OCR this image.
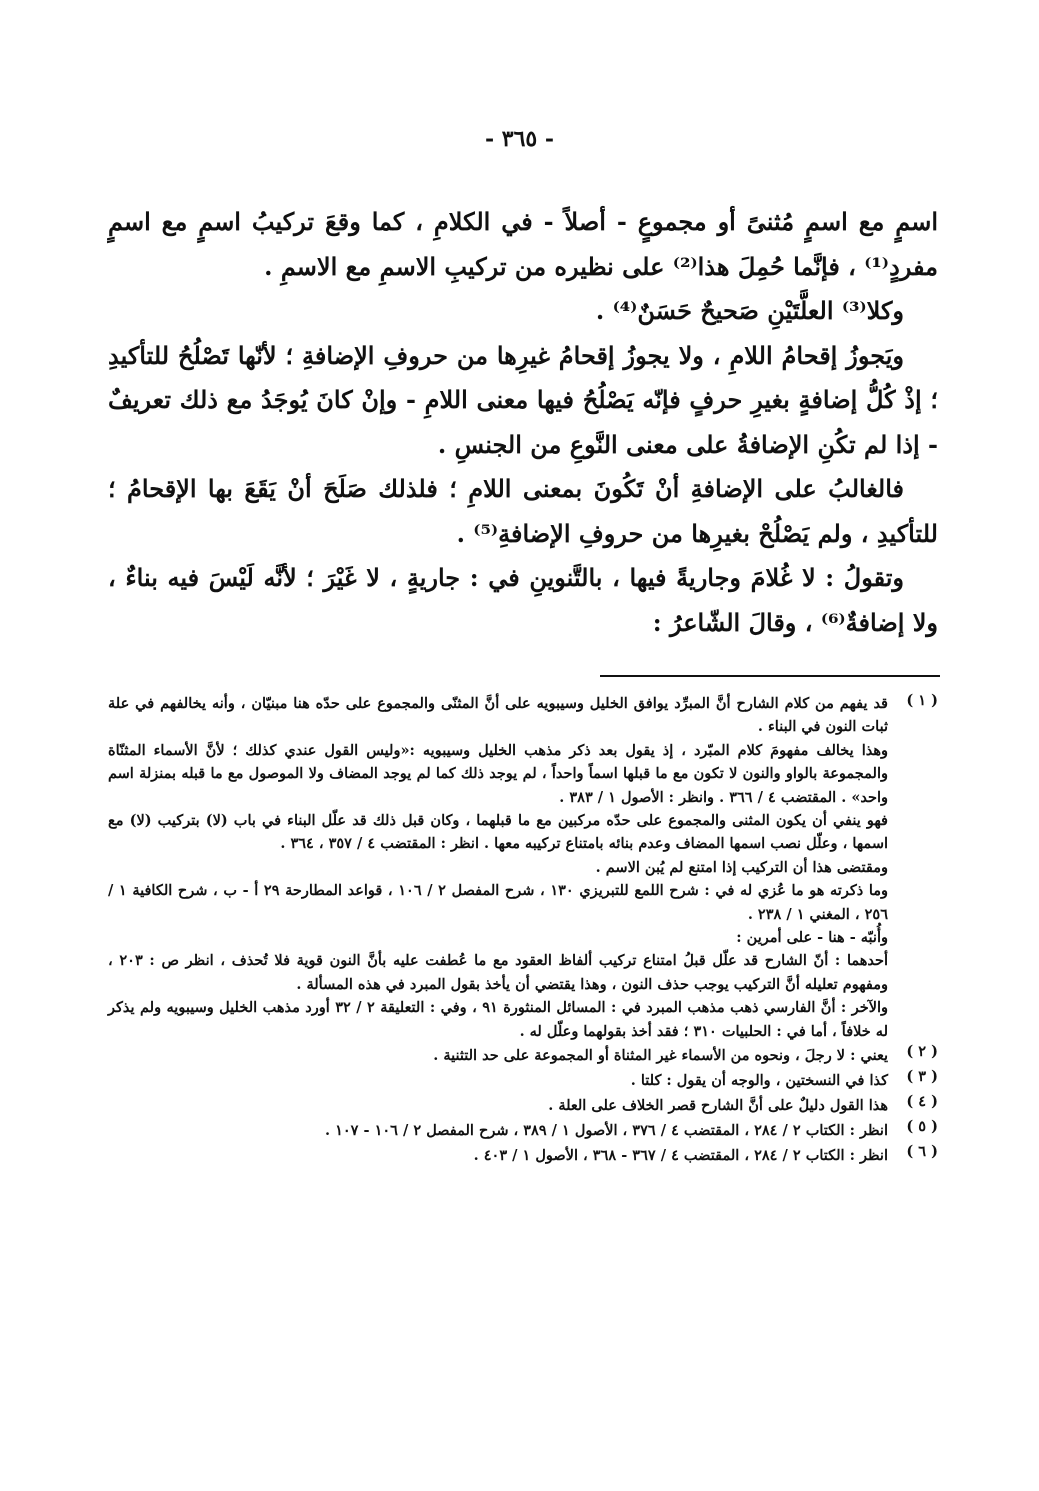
- ٣٦٥ -

اسمٍ مع اسمٍ مُثنىً أو مجموعٍ - أصلاً - في الكلامِ ، كما وقعَ تركيبُ اسمٍ مع اسمٍ مفردٍ⁽¹⁾ ، فإنَّما حُمِلَ هذا⁽²⁾ على نظيره من تركيبِ الاسمِ مع الاسمِ .

وكلا⁽³⁾ العلَّتَيْنِ صَحيحٌ حَسَنٌ⁽⁴⁾ .

ويَجوزُ إقحامُ اللامِ ، ولا يجوزُ إقحامُ غيرِها من حروفِ الإضافةِ ؛ لأنّها تَصْلُحُ للتأكيدِ ؛ إذْ كُلُّ إضافةٍ بغيرِ حرفٍ فإنّه يَصْلُحُ فيها معنى اللامِ - وإنْ كانَ يُوجَدُ مع ذلك تعريفٌ - إذا لم تكُنِ الإضافةُ على معنى النَّوعِ من الجنسِ .

فالغالبُ على الإضافةِ أنْ تَكُونَ بمعنى اللامِ ؛ فلذلك صَلَحَ أنْ يَقَعَ بها الإقحامُ ؛ للتأكيدِ ، ولم يَصْلُحْ بغيرِها من حروفِ الإضافةِ⁽⁵⁾ .

وتقولُ : لا غُلامَ وجاريةً فيها ، بالتَّنوينِ في : جاريةٍ ، لا غَيْرَ ؛ لأنَّه لَيْسَ فيه بناءٌ ، ولا إضافةٌ⁽⁶⁾ ، وقالَ الشّاعرُ :

( ١ )

قد يفهم من كلام الشارح أنَّ المبرِّد يوافق الخليل وسيبويه على أنَّ المثنّى والمجموع على حدّه هنا مبنيّان ، وأنه يخالفهم في علة ثبات النون في البناء .

وهذا يخالف مفهومَ كلام المبّرد ، إذ يقول بعد ذكر مذهب الخليل وسيبويه :«وليس القول عندي كذلك ؛ لأنَّ الأسماء المثنّاة والمجموعة بالواو والنون لا تكون مع ما قبلها اسماً واحداً ، لم يوجد ذلك كما لم يوجد المضاف ولا الموصول مع ما قبله بمنزلة اسم واحد» . المقتضب ٤ / ٣٦٦ . وانظر : الأصول ١ / ٣٨٣ .

فهو ينفي أن يكون المثنى والمجموع على حدّه مركبين مع ما قبلهما ، وكان قبل ذلك قد علّل البناء في باب (لا) بتركيب (لا) مع اسمها ، وعلّل نصب اسمها المضاف وعدم بنائه بامتناع تركيبه معها . انظر : المقتضب ٤ / ٣٥٧ ، ٣٦٤ .

ومقتضى هذا أن التركيب إذا امتنع لم يُبن الاسم .

وما ذكرته هو ما عُزي له في : شرح اللمع للتبريزي ١٣٠ ، شرح المفصل ٢ / ١٠٦ ، قواعد المطارحة ٢٩ أ - ب ، شرح الكافية ١ / ٢٥٦ ، المغني ١ / ٢٣٨ .

وأُنبّه - هنا - على أمرين :

أحدهما : أنّ الشارح قد علّل قبلُ امتناع تركيب ألفاظ العقود مع ما عُطفت عليه بأنَّ النون قوية فلا تُحذف ، انظر ص : ٢٠٣ ، ومفهوم تعليله أنَّ التركيب يوجب حذف النون ، وهذا يقتضي أن يأخذ بقول المبرد في هذه المسألة .

والآخر : أنَّ الفارسي ذهب مذهب المبرد في : المسائل المنثورة ٩١ ، وفي : التعليقة ٢ / ٣٢ أورد مذهب الخليل وسيبويه ولم يذكر له خلافاً ، أما في : الحلبيات ٣١٠ ؛ فقد أخذ بقولهما وعلّل له .

( ٢ )

يعني : لا رجلَ ، ونحوه من الأسماء غير المثناة أو المجموعة على حد التثنية .

( ٣ )

كذا في النسختين ، والوجه أن يقول : كلتا .

( ٤ )

هذا القول دليلٌ على أنَّ الشارح قصر الخلاف على العلة .

( ٥ )

انظر : الكتاب ٢ / ٢٨٤ ، المقتضب ٤ / ٣٧٦ ، الأصول ١ / ٣٨٩ ، شرح المفصل ٢ / ١٠٦ - ١٠٧ .

( ٦ )

انظر : الكتاب ٢ / ٢٨٤ ، المقتضب ٤ / ٣٦٧ - ٣٦٨ ، الأصول ١ / ٤٠٣ .
